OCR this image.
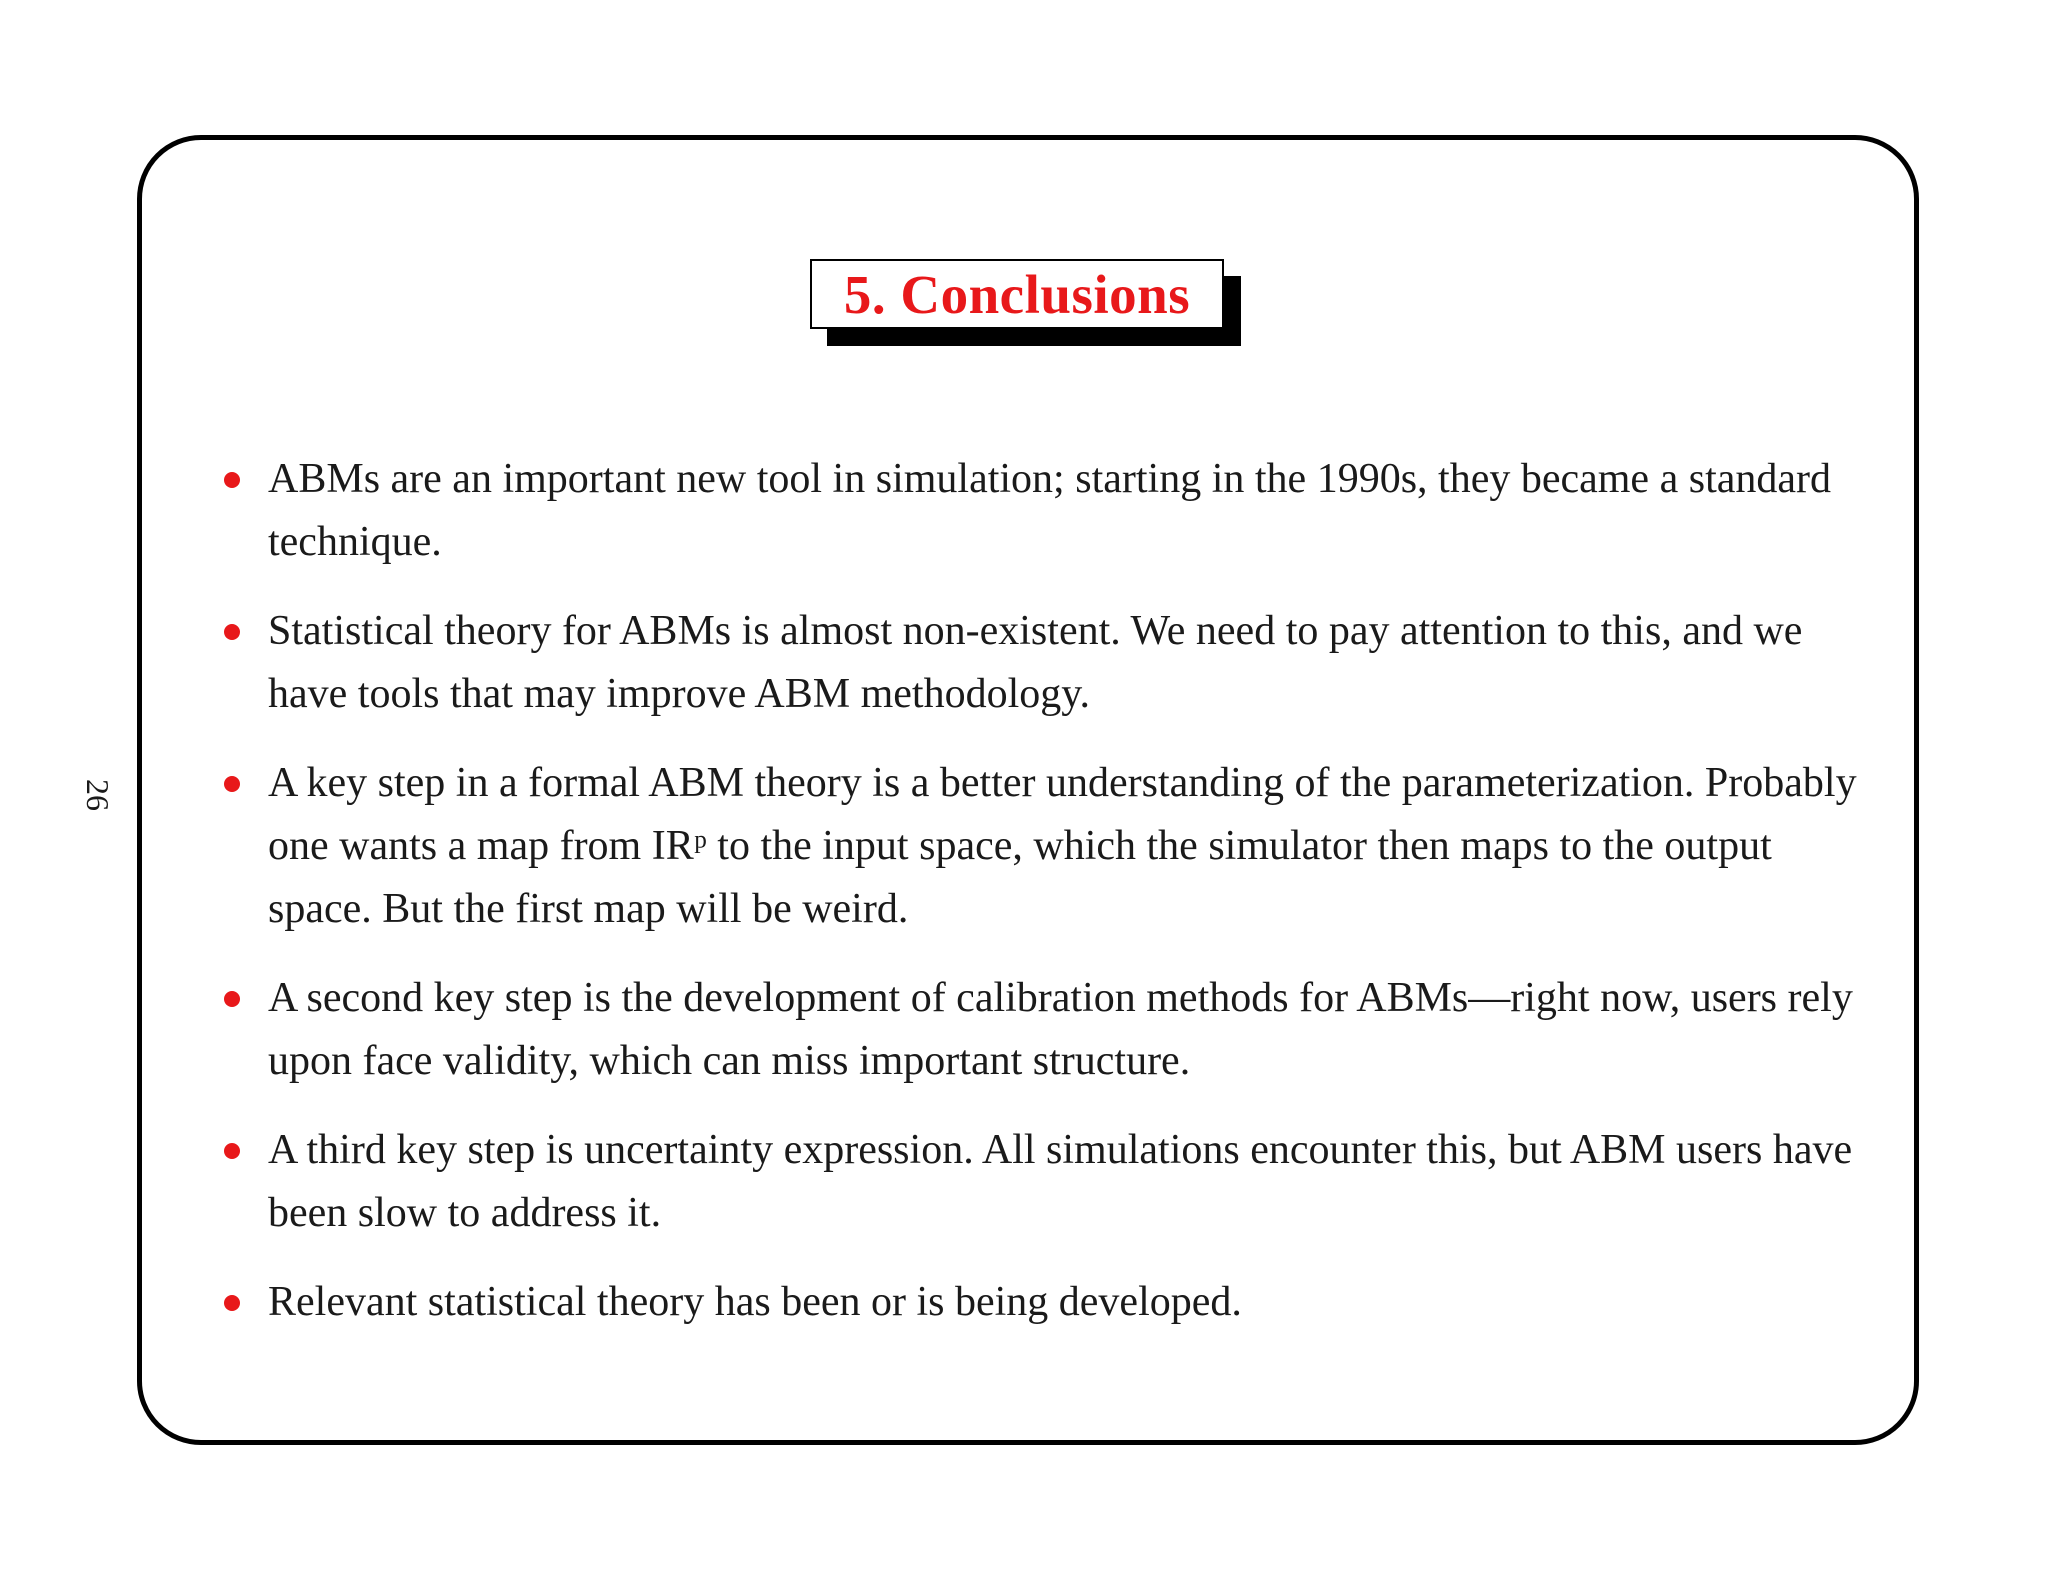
26
5. Conclusions
ABMs are an important new tool in simulation; starting in the 1990s, they became a standard technique.
Statistical theory for ABMs is almost non-existent. We need to pay attention to this, and we have tools that may improve ABM methodology.
A key step in a formal ABM theory is a better understanding of the parameterization. Probably one wants a map from IRᵖ to the input space, which the simulator then maps to the output space. But the first map will be weird.
A second key step is the development of calibration methods for ABMs—right now, users rely upon face validity, which can miss important structure.
A third key step is uncertainty expression. All simulations encounter this, but ABM users have been slow to address it.
Relevant statistical theory has been or is being developed.
